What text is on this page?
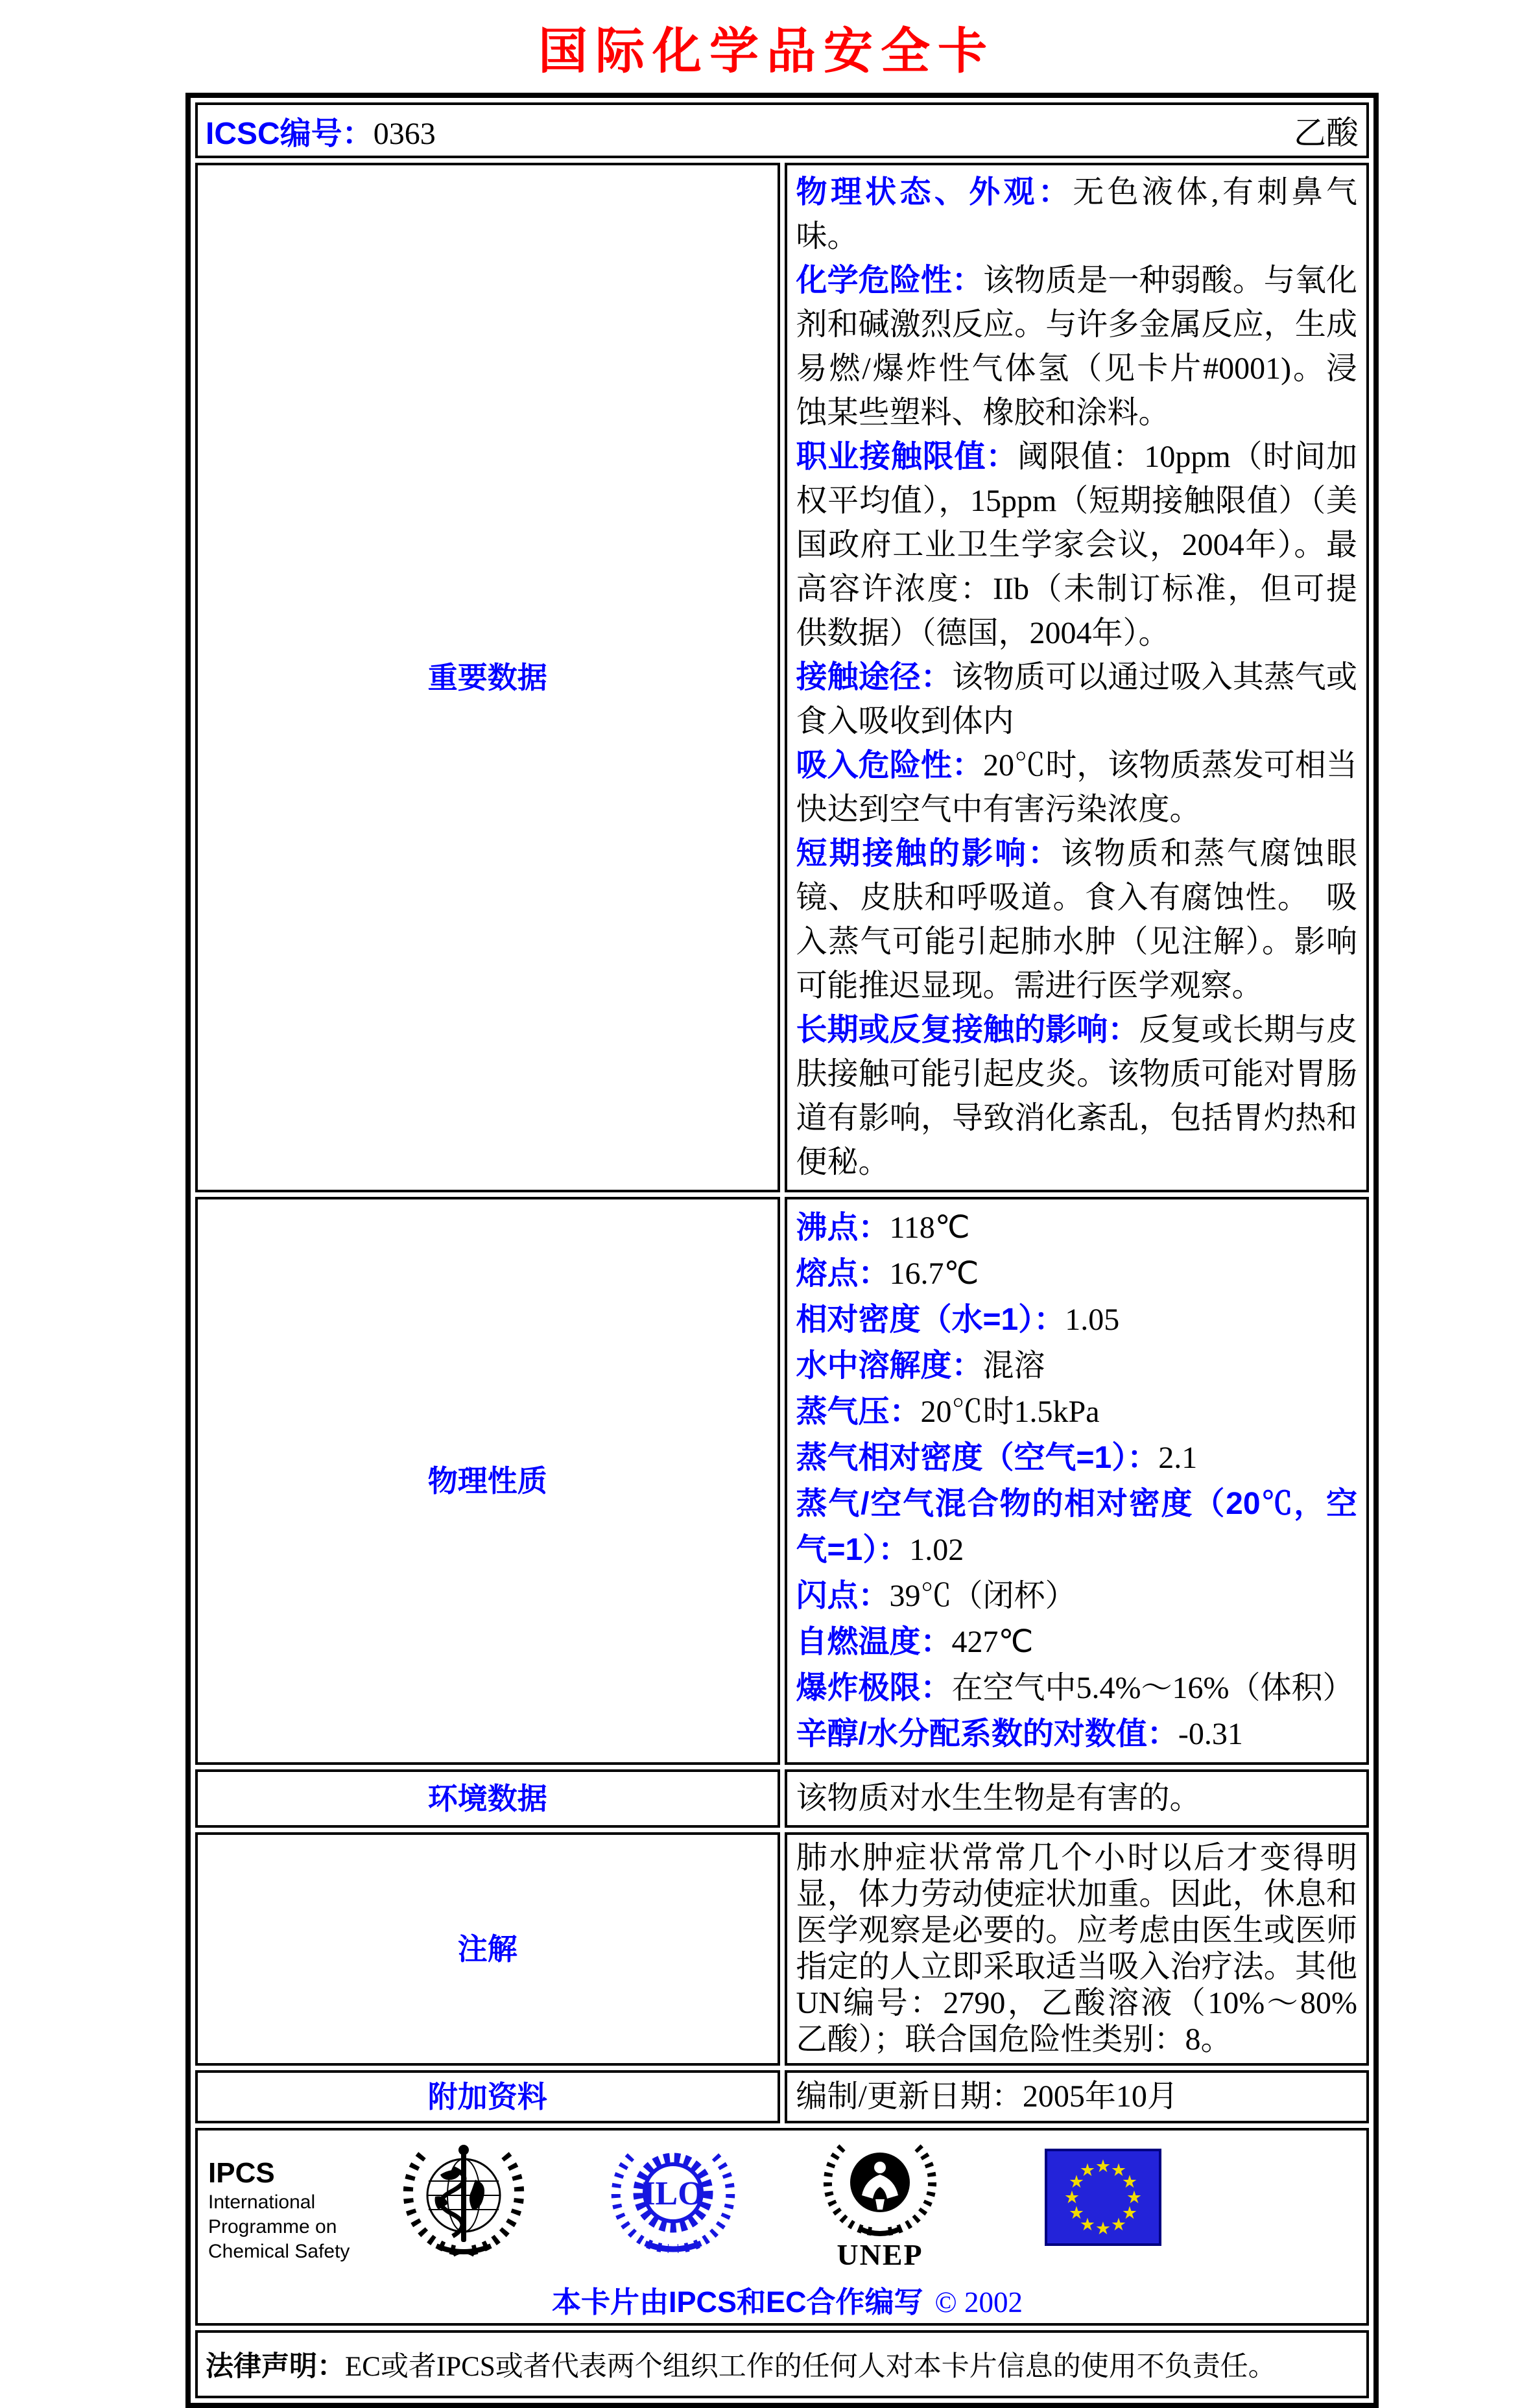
国际化学品安全卡
ICSC编号：0363 乙酸	

重要数据	

物理状态、外观：无色液体,有刺鼻气味。

化学危险性：该物质是一种弱酸。与氧化剂和碱激烈反应。与许多金属反应，生成易燃/爆炸性气体氢（见卡片#0001)。浸蚀某些塑料、橡胶和涂料。

职业接触限值：阈限值：10ppm（时间加权平均值），15ppm（短期接触限值）（美国政府工业卫生学家会议，2004年）。最高容许浓度：IIb（未制订标准，但可提供数据）（德国，2004年）。

接触途径：该物质可以通过吸入其蒸气或食入吸收到体内

吸入危险性：20℃时，该物质蒸发可相当快达到空气中有害污染浓度。

短期接触的影响：该物质和蒸气腐蚀眼镜、皮肤和呼吸道。食入有腐蚀性。　吸入蒸气可能引起肺水肿（见注解）。影响可能推迟显现。需进行医学观察。

长期或反复接触的影响：反复或长期与皮肤接触可能引起皮炎。该物质可能对胃肠道有影响，导致消化紊乱，包括胃灼热和便秘。

物理性质	

沸点：118℃

熔点：16.7℃

相对密度（水=1）：1.05

水中溶解度：混溶

蒸气压：20℃时1.5kPa

蒸气相对密度（空气=1）：2.1

蒸气/空气混合物的相对密度（20℃，空气=1）：1.02

闪点：39℃（闭杯）

自燃温度：427℃

爆炸极限：在空气中5.4%～16%（体积）

辛醇/水分配系数的对数值：-0.31

环境数据	该物质对水生生物是有害的。

注解	肺水肿症状常常几个小时以后才变得明显，体力劳动使症状加重。因此，休息和医学观察是必要的。应考虑由医生或医师指定的人立即采取适当吸入治疗法。其他UN编号：2790，乙酸溶液（10%～80%乙酸）；联合国危险性类别：8。

附加资料	编制/更新日期：2005年10月

IPCS
International
Programme on
Chemical Safety
ILO
UNEP
★ ★
★
★
★
★
★
★
★
★
★
★
本卡片由IPCS和EC合作编写 © 2002

法律声明：EC或者IPCS或者代表两个组织工作的任何人对本卡片信息的使用不负责任。	
